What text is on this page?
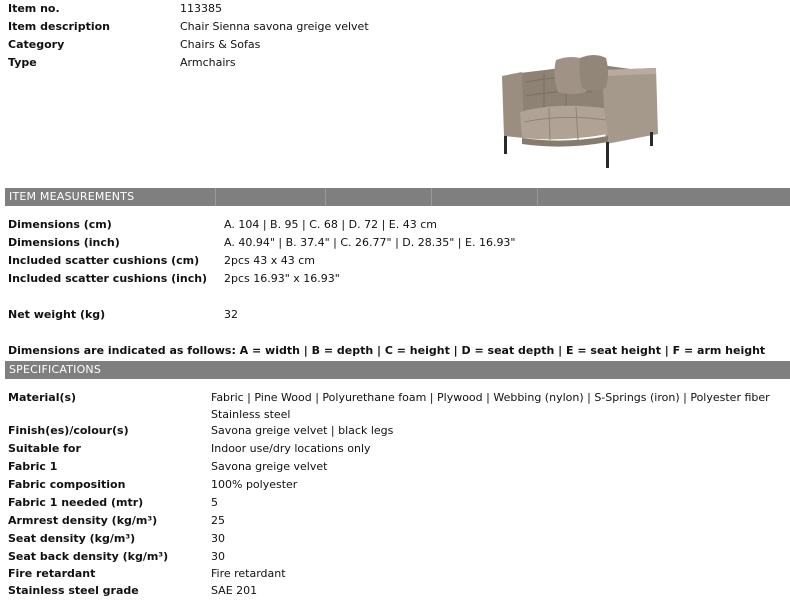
Item no.	113385
Item description	Chair Sienna savona greige velvet
Category	Chairs & Sofas
Type	Armchairs
ITEM MEASUREMENTS
Dimensions (cm)	A. 104 | B. 95 | C. 68 | D. 72 | E. 43 cm
Dimensions (inch)	A. 40.94" | B. 37.4" | C. 26.77" | D. 28.35" | E. 16.93"
Included scatter cushions (cm) 2pcs 43 x 43 cm
Included scatter cushions (inch) 2pcs 16.93" x 16.93"
Net weight (kg)	32
Dimensions are indicated as follows: A = width | B = depth | C = height | D = seat depth | E = seat height | F = arm height
SPECIFICATIONS
Material(s)	Fabric | Pine Wood | Polyurethane foam | Plywood | Webbing (nylon) | S-Springs (iron) | Polyester fiber
Stainless steel
Finish(es)/colour(s)	Savona greige velvet | black legs
Suitable for	Indoor use/dry locations only
Fabric 1	Savona greige velvet
Fabric composition	100% polyester
Fabric 1 needed (mtr)	5
Armrest density (kg/m³)	25
Seat density (kg/m³)	30
Seat back density (kg/m³)	30
Fire retardant	Fire retardant
Stainless steel grade	SAE 201
